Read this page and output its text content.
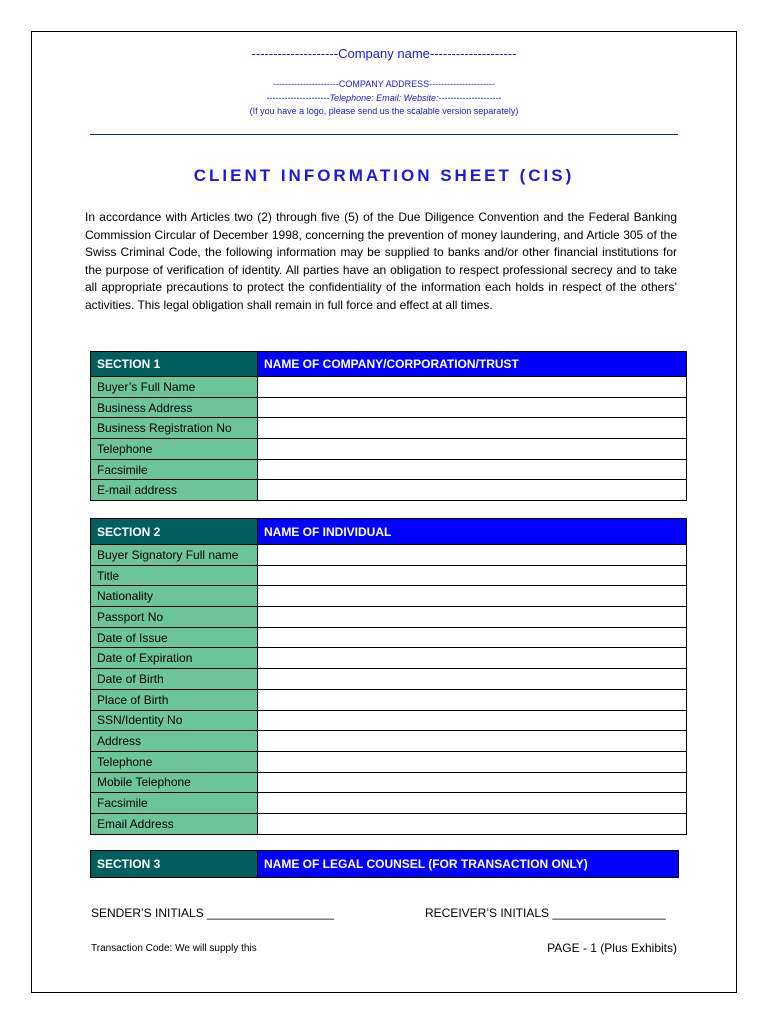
--------------------Company name--------------------
----------------------COMPANY ADDRESS----------------------
---------------------Telephone: Email: Website:---------------------
(If you have a logo, please send us the scalable version separately)
CLIENT INFORMATION SHEET (CIS)

In accordance with Articles two (2) through five (5) of the Due Diligence Convention and the Federal Banking Commission Circular of December 1998, concerning the prevention of money laundering, and Article 305 of the Swiss Criminal Code, the following information may be supplied to banks and/or other financial institutions for the purpose of verification of identity. All parties have an obligation to respect professional secrecy and to take all appropriate precautions to protect the confidentiality of the information each holds in respect of the others’ activities. This legal obligation shall remain in full force and effect at all times.

SECTION 1	NAME OF COMPANY/CORPORATION/TRUST
Buyer’s Full Name	
Business Address	
Business Registration No	
Telephone	
Facsimile	
E-mail address	
SECTION 2	NAME OF INDIVIDUAL
Buyer Signatory Full name	
Title	
Nationality	
Passport No	
Date of Issue	
Date of Expiration	
Date of Birth	
Place of Birth	
SSN/Identity No	
Address	
Telephone	
Mobile Telephone	
Facsimile	
Email Address	
SECTION 3	NAME OF LEGAL COUNSEL (FOR TRANSACTION ONLY)
SENDER’S INITIALS ___________________	RECEIVER’S INITIALS _________________
Transaction Code: We will supply this	PAGE - 1 (Plus Exhibits)
